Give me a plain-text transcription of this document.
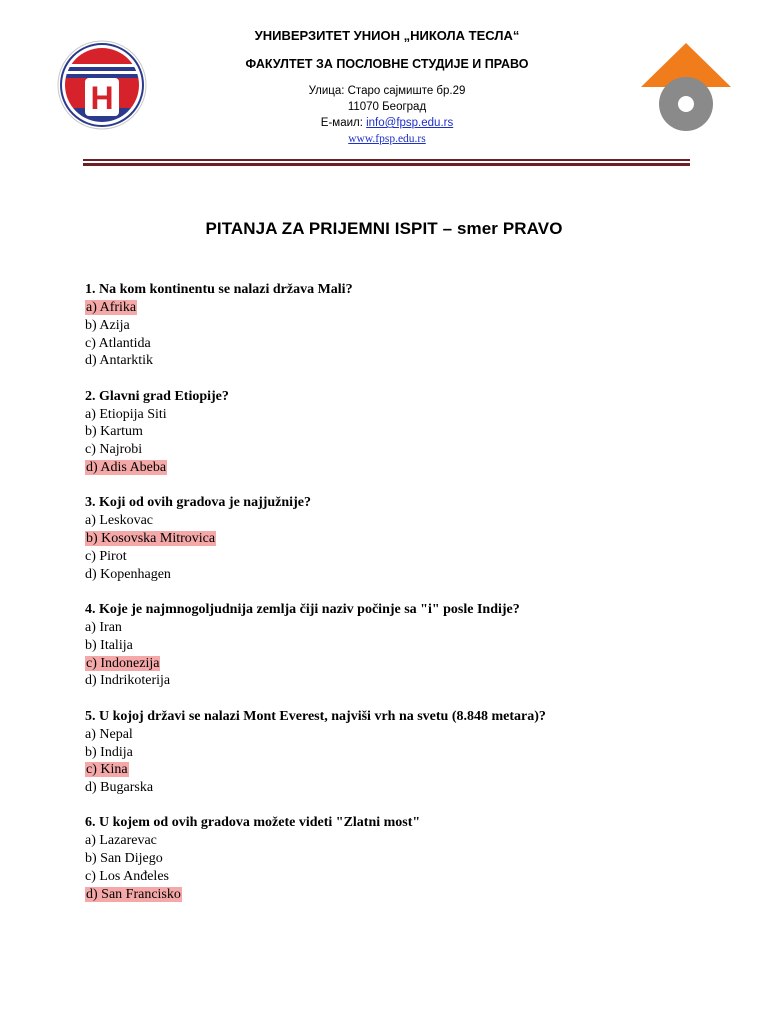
H
УНИВЕРЗИТЕТ УНИОН „НИКОЛА ТЕСЛА“
ФАКУЛТЕТ ЗА ПОСЛОВНЕ СТУДИЈЕ И ПРАВО
Улица: Старо сајмиште бр.29
11070 Београд
Е-маил: info@fpsp.edu.rs
www.fpsp.edu.rs
PITANJA ZA PRIJEMNI ISPIT – smer PRAVO
1. Na kom kontinentu se nalazi država Mali?
a) Afrika
b) Azija
c) Atlantida
d) Antarktik
2. Glavni grad Etiopije?
a) Etiopija Siti
b) Kartum
c) Najrobi
d) Adis Abeba
3. Koji od ovih gradova je najjužnije?
a) Leskovac
b) Kosovska Mitrovica
c) Pirot
d) Kopenhagen
4. Koje je najmnogoljudnija zemlja čiji naziv počinje sa "i" posle Indije?
a) Iran
b) Italija
c) Indonezija
d) Indrikoterija
5. U kojoj državi se nalazi Mont Everest, najviši vrh na svetu (8.848 metara)?
a) Nepal
b) Indija
c) Kina
d) Bugarska
6. U kojem od ovih gradova možete videti "Zlatni most"
a) Lazarevac
b) San Dijego
c) Los Anđeles
d) San Francisko
